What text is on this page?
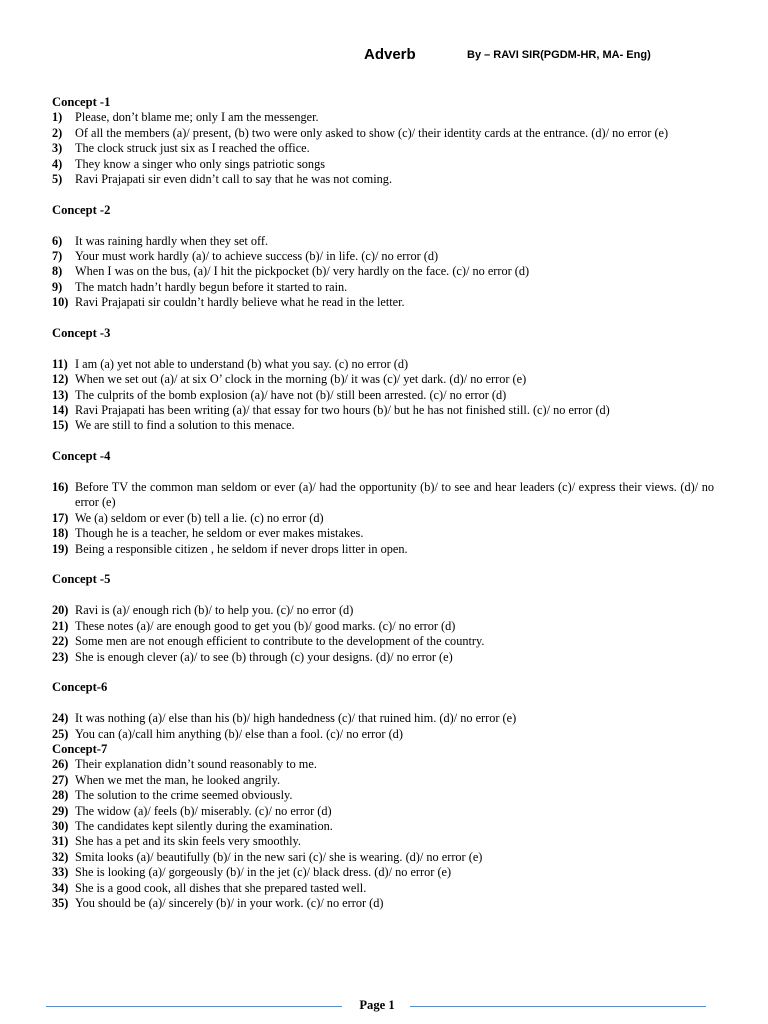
Adverb	By – RAVI SIR(PGDM-HR, MA- Eng)
Concept -1
1)	Please, don’t blame me; only I am the messenger.
2)	Of all the members (a)/ present, (b) two were only asked to show (c)/ their identity cards at the entrance. (d)/ no error (e)
3)	The clock struck just six as I reached the office.
4)	They know a singer who only sings patriotic songs
5)	Ravi Prajapati sir even didn’t call to say that he was not coming.
Concept -2
6)	It was raining hardly when they set off.
7)	Your must work hardly (a)/ to achieve success (b)/ in life. (c)/ no error (d)
8)	When I was on the bus, (a)/ I hit the pickpocket (b)/ very hardly on the face. (c)/ no error (d)
9)	The match hadn’t hardly begun before it started to rain.
10) Ravi Prajapati sir couldn’t hardly believe what he read in the letter.
Concept -3
11) I am (a) yet not able to understand (b) what you say. (c) no error (d)
12) When we set out (a)/ at six O’ clock in the morning (b)/ it was (c)/ yet dark. (d)/ no error (e)
13) The culprits of the bomb explosion (a)/ have not (b)/ still been arrested. (c)/ no error (d)
14) Ravi Prajapati has been writing (a)/ that essay for two hours (b)/ but he has not finished still. (c)/ no error (d)
15) We are still to find a solution to this menace.
Concept -4
16) Before TV the common man seldom or ever (a)/ had the opportunity (b)/ to see and hear leaders (c)/ express their views. (d)/ no error (e)
17) We (a) seldom or ever (b) tell a lie. (c) no error (d)
18) Though he is a teacher, he seldom or ever makes mistakes.
19) Being a responsible citizen , he seldom if never drops litter in open.
Concept -5
20) Ravi is (a)/ enough rich (b)/ to help you. (c)/ no error (d)
21) These notes (a)/ are enough good to get you (b)/ good marks. (c)/ no error (d)
22) Some men are not enough efficient to contribute to the development of the country.
23) She is enough clever (a)/ to see (b) through (c) your designs. (d)/ no error (e)
Concept-6
24) It was nothing (a)/ else than his (b)/ high handedness (c)/ that ruined him. (d)/ no error (e)
25) You can (a)/call him anything (b)/ else than a fool. (c)/ no error (d)
Concept-7
26) Their explanation didn’t sound reasonably to me.
27) When we met the man, he looked angrily.
28) The solution to the crime seemed obviously.
29) The widow (a)/ feels (b)/ miserably. (c)/ no error (d)
30) The candidates kept silently during the examination.
31) She has a pet and its skin feels very smoothly.
32) Smita looks (a)/ beautifully (b)/ in the new sari (c)/ she is wearing. (d)/ no error (e)
33) She is looking (a)/ gorgeously (b)/ in the jet (c)/ black dress. (d)/ no error (e)
34) She is a good cook, all dishes that she prepared tasted well.
35) You should be (a)/ sincerely (b)/ in your work. (c)/ no error (d)
Page 1
